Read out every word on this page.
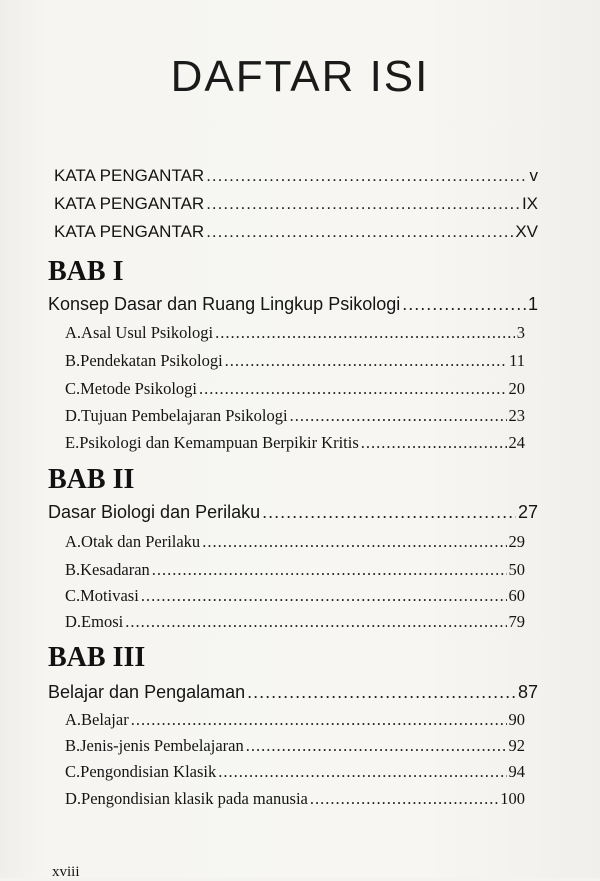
DAFTAR ISI
KATA PENGANTAR .....	v
KATA PENGANTAR .....	IX
KATA PENGANTAR .....	XV
BAB I
Konsep Dasar dan Ruang Lingkup Psikologi .....	1
A. Asal Usul Psikologi .....	3
B. Pendekatan Psikologi .....	11
C. Metode Psikologi .....	20
D. Tujuan Pembelajaran Psikologi .....	23
E. Psikologi dan Kemampuan Berpikir Kritis .....	24
BAB II
Dasar Biologi dan Perilaku .....	27
A. Otak dan Perilaku .....	29
B. Kesadaran .....	50
C. Motivasi .....	60
D. Emosi .....	79
BAB III
Belajar dan Pengalaman .....	87
A. Belajar .....	90
B. Jenis-jenis Pembelajaran .....	92
C. Pengondisian Klasik .....	94
D. Pengondisian klasik pada manusia .....	100
xviii
